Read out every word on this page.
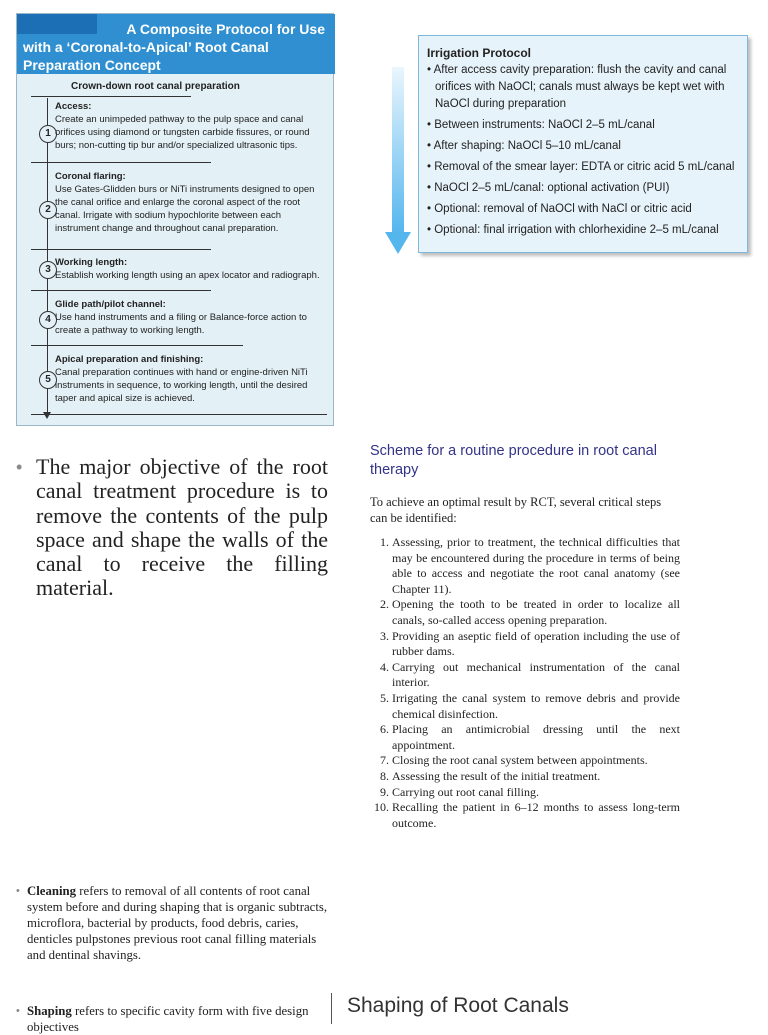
A Composite Protocol for Use
with a ‘Coronal-to-Apical’ Root Canal
Preparation Concept
Crown-down root canal preparation
1
Access:
Create an unimpeded pathway to the pulp space and canal orifices using diamond or tungsten carbide fissures, or round burs; non-cutting tip bur and/or specialized ultrasonic tips.
2
Coronal flaring:
Use Gates-Glidden burs or NiTi instruments designed to open the canal orifice and enlarge the coronal aspect of the root canal. Irrigate with sodium hypochlorite between each instrument change and throughout canal preparation.
3
Working length:
Establish working length using an apex locator and radiograph.
4
Glide path/pilot channel:
Use hand instruments and a filing or Balance-force action to create a pathway to working length.
5
Apical preparation and finishing:
Canal preparation continues with hand or engine-driven NiTi instruments in sequence, to working length, until the desired taper and apical size is achieved.
Irrigation Protocol
• After access cavity preparation: flush the cavity and canal orifices with NaOCl; canals must always be kept wet with NaOCl during preparation
• Between instruments: NaOCl 2–5 mL/canal
• After shaping: NaOCl 5–10 mL/canal
• Removal of the smear layer: EDTA or citric acid 5 mL/canal
• NaOCl 2–5 mL/canal: optional activation (PUI)
• Optional: removal of NaOCl with NaCl or citric acid
• Optional: final irrigation with chlorhexidine 2–5 mL/canal
• The major objective of the root canal treatment procedure is to remove the contents of the pulp space and shape the walls of the canal to receive the filling material.
Scheme for a routine procedure in root canal therapy
To achieve an optimal result by RCT, several critical steps can be identified:
1. Assessing, prior to treatment, the technical difficulties that may be encountered during the procedure in terms of being able to access and negotiate the root canal anatomy (see Chapter 11).
2. Opening the tooth to be treated in order to localize all canals, so-called access opening preparation.
3. Providing an aseptic field of operation including the use of rubber dams.
4. Carrying out mechanical instrumentation of the canal interior.
5. Irrigating the canal system to remove debris and provide chemical disinfection.
6. Placing an antimicrobial dressing until the next appointment.
7. Closing the root canal system between appointments.
8. Assessing the result of the initial treatment.
9. Carrying out root canal filling.
10. Recalling the patient in 6–12 months to assess long-term outcome.
• Cleaning refers to removal of all contents of root canal system before and during shaping that is organic subtracts, microflora, bacterial by products, food debris, caries, denticles pulpstones previous root canal filling materials and dentinal shavings.
• Shaping refers to specific cavity form with five design objectives
Shaping of Root Canals
